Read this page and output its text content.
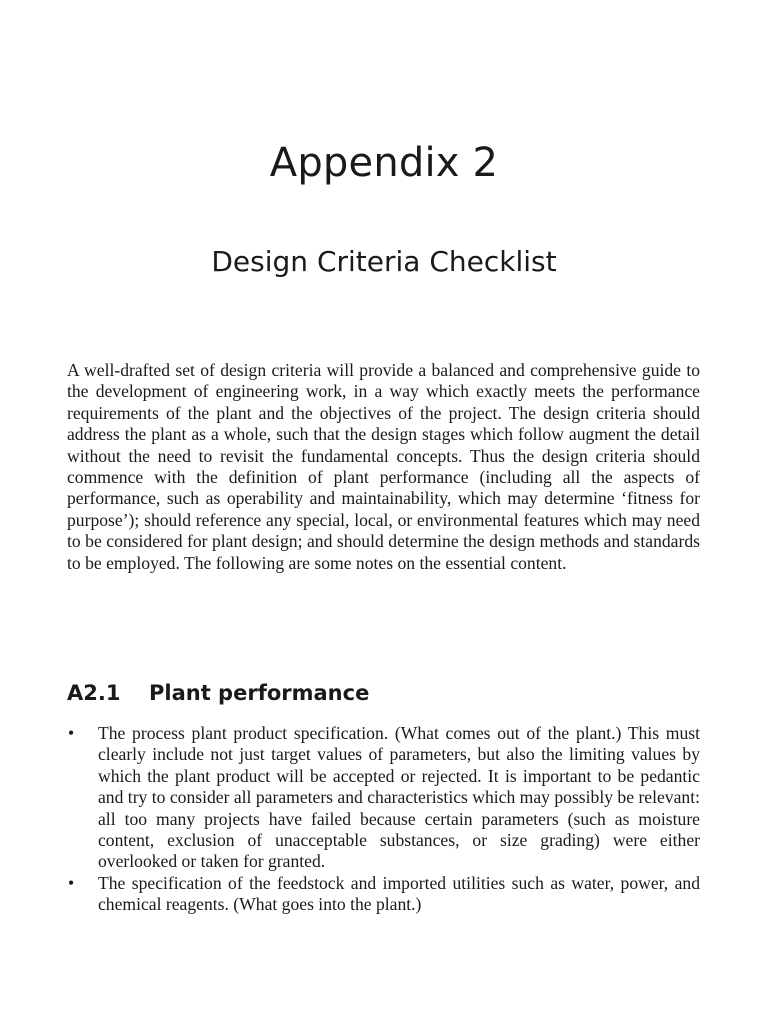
Appendix 2
Design Criteria Checklist

A well-drafted set of design criteria will provide a balanced and comprehensive guide to the development of engineering work, in a way which exactly meets the performance requirements of the plant and the objectives of the project. The design criteria should address the plant as a whole, such that the design stages which follow augment the detail without the need to revisit the fundamental concepts. Thus the design criteria should commence with the definition of plant performance (including all the aspects of performance, such as operability and maintainability, which may determine ‘fitness for purpose’); should reference any special, local, or environmental features which may need to be considered for plant design; and should determine the design methods and standards to be employed. The following are some notes on the essential content.

A2.1 Plant performance
• The process plant product specification. (What comes out of the plant.) This must clearly include not just target values of parameters, but also the limiting values by which the plant product will be accepted or rejected. It is important to be pedantic and try to consider all parameters and characteristics which may possibly be relevant: all too many projects have failed because certain parameters (such as moisture content, exclusion of unacceptable substances, or size grading) were either overlooked or taken for granted.
• The specification of the feedstock and imported utilities such as water, power, and chemical reagents. (What goes into the plant.)
